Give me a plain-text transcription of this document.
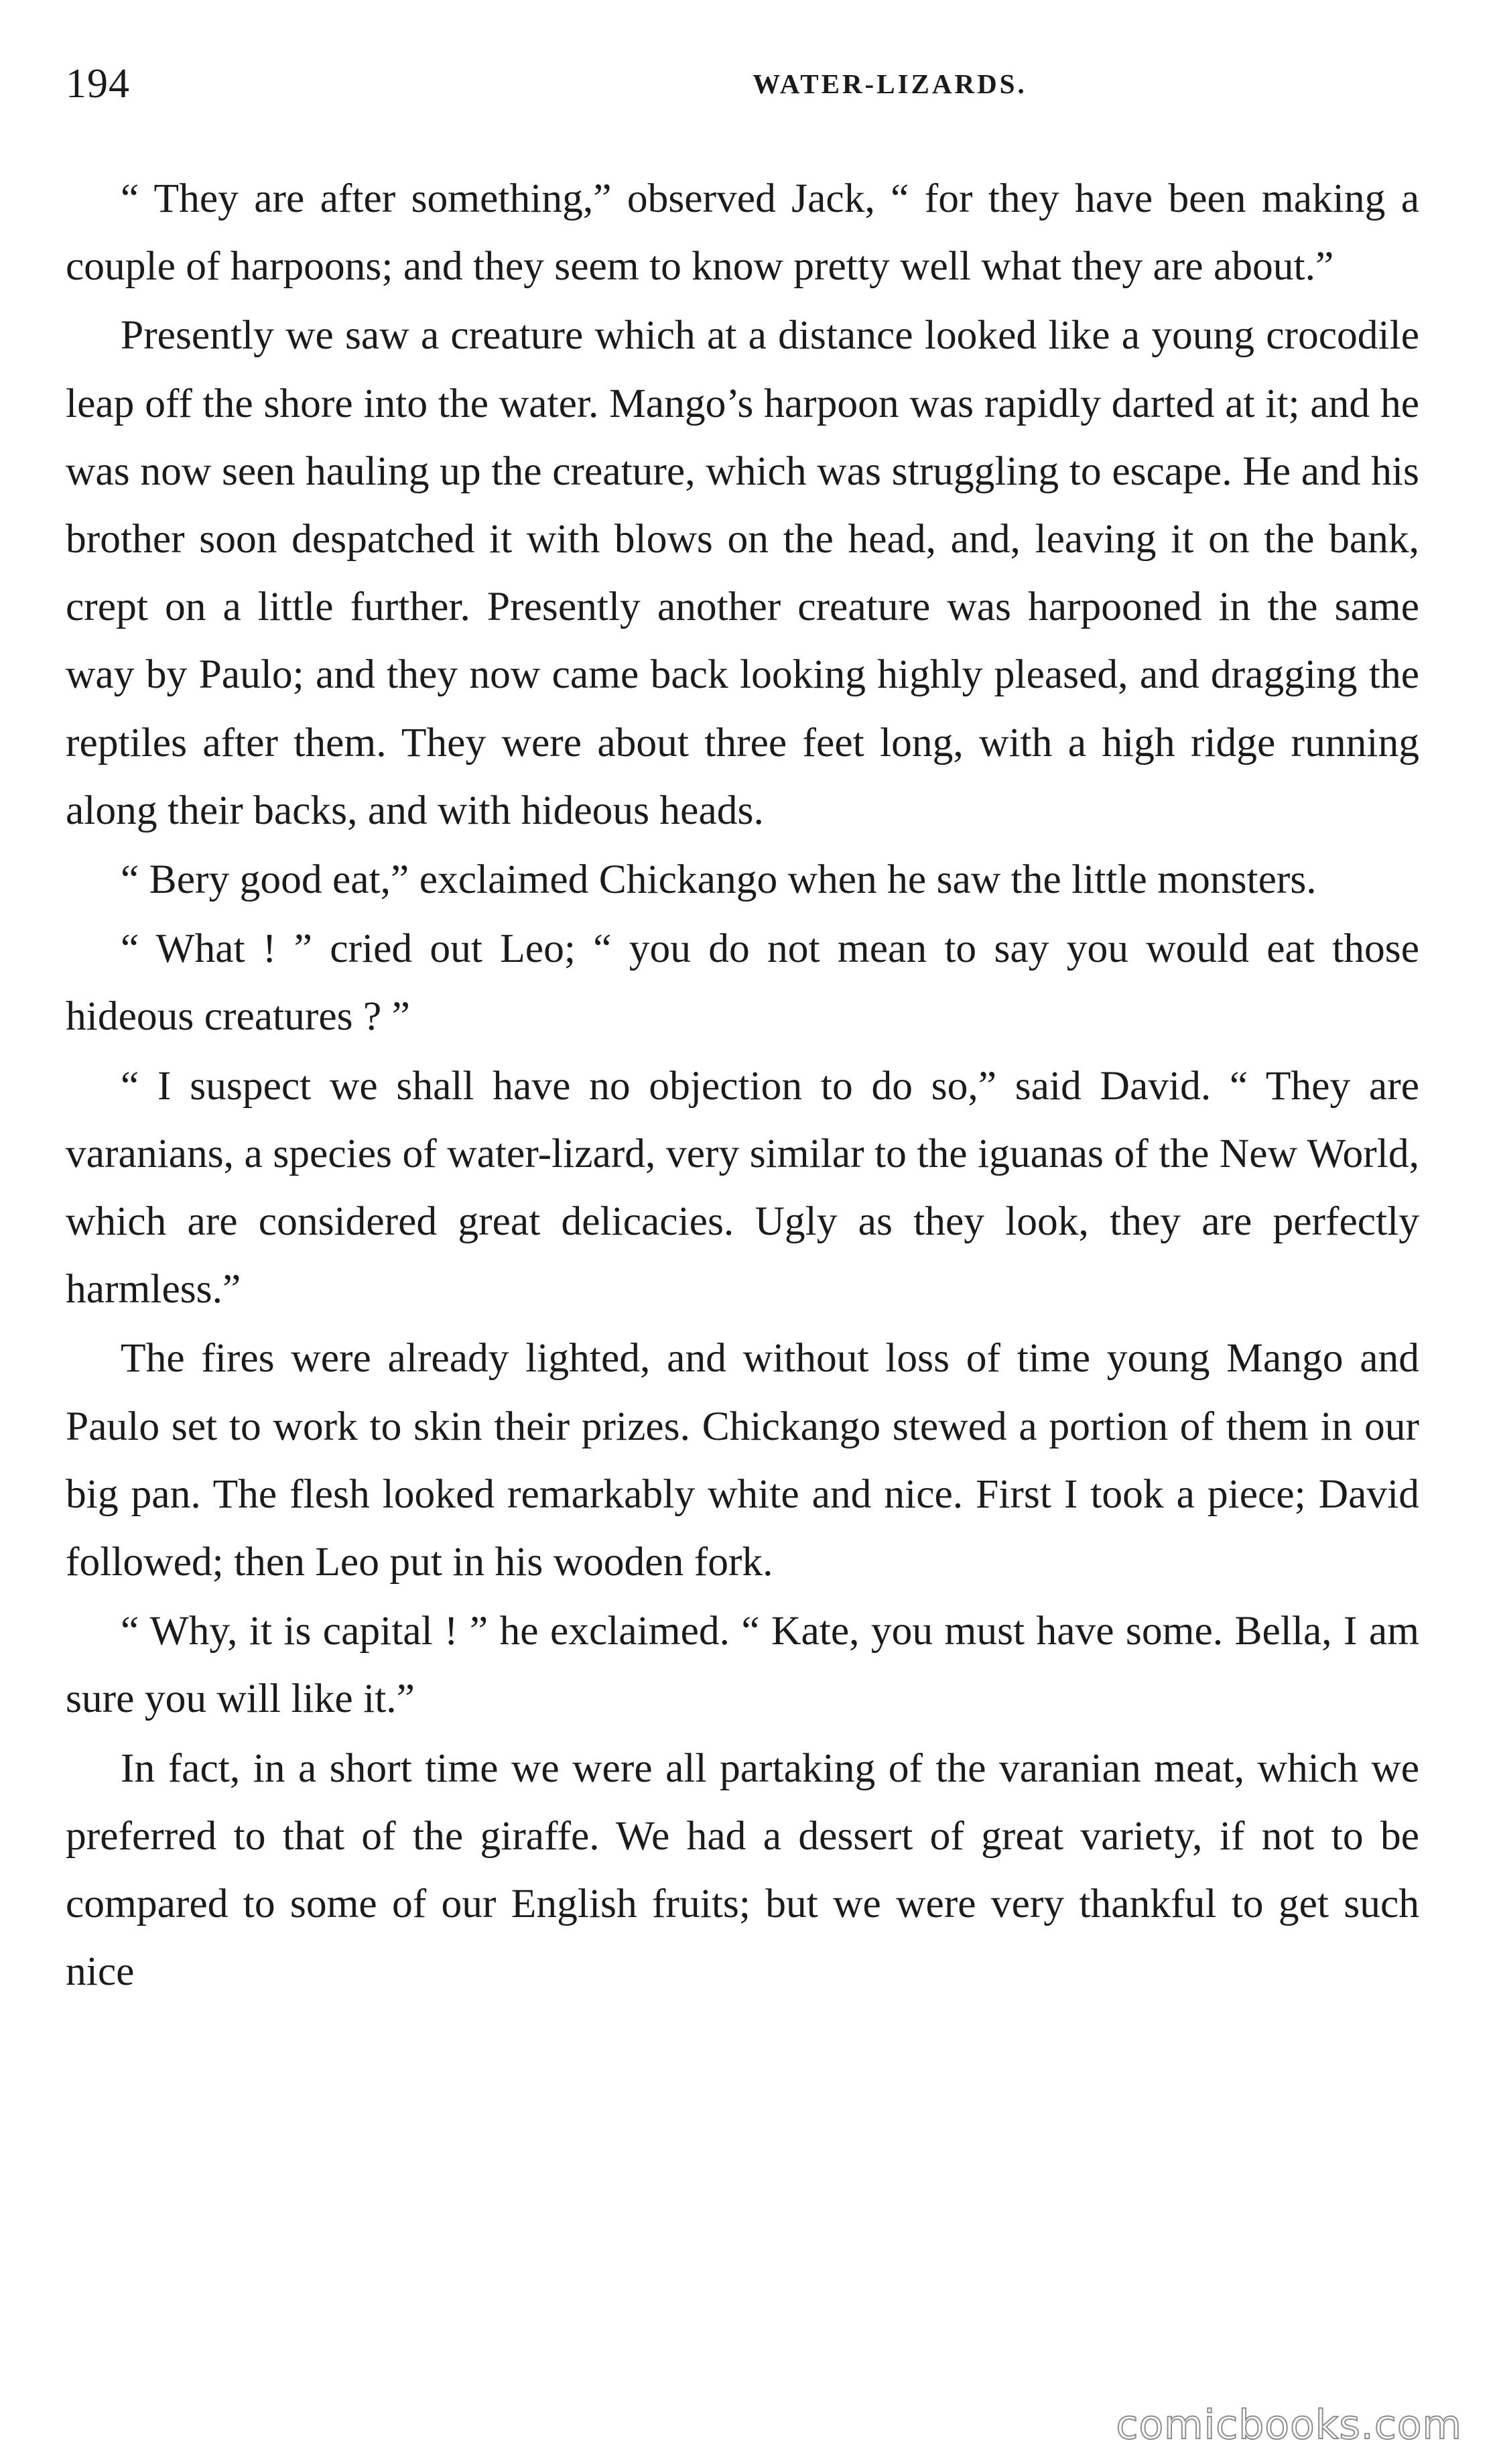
194	WATER-LIZARDS.

“ They are after something,” observed Jack, “ for they have been making a couple of harpoons; and they seem to know pretty well what they are about.”

Presently we saw a creature which at a distance looked like a young crocodile leap off the shore into the water. Mango’s harpoon was rapidly darted at it; and he was now seen hauling up the creature, which was struggling to escape. He and his brother soon despatched it with blows on the head, and, leaving it on the bank, crept on a little further. Presently another creature was harpooned in the same way by Paulo; and they now came back looking highly pleased, and dragging the reptiles after them. They were about three feet long, with a high ridge running along their backs, and with hideous heads.

“ Bery good eat,” exclaimed Chickango when he saw the little monsters.

“ What ! ” cried out Leo; “ you do not mean to say you would eat those hideous creatures ? ”

“ I suspect we shall have no objection to do so,” said David. “ They are varanians, a species of water-lizard, very similar to the iguanas of the New World, which are considered great delicacies. Ugly as they look, they are perfectly harmless.”

The fires were already lighted, and without loss of time young Mango and Paulo set to work to skin their prizes. Chickango stewed a portion of them in our big pan. The flesh looked remarkably white and nice. First I took a piece; David followed; then Leo put in his wooden fork.

“ Why, it is capital ! ” he exclaimed. “ Kate, you must have some. Bella, I am sure you will like it.”

In fact, in a short time we were all partaking of the varanian meat, which we preferred to that of the giraffe. We had a dessert of great variety, if not to be compared to some of our English fruits; but we were very thankful to get such nice

comicbooks.com
